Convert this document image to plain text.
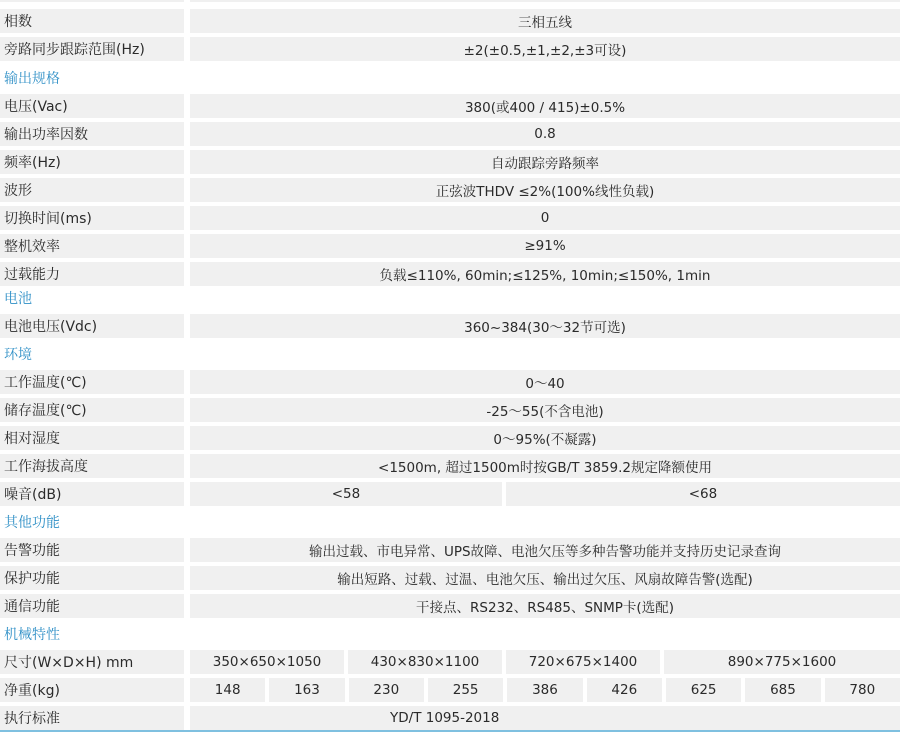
相数	三相五线
旁路同步跟踪范围(Hz)	±2(±0.5,±1,±2,±3可设)
输出规格
电压(Vac)	380(或400 / 415)±0.5%
输出功率因数	0.8
频率(Hz)	自动跟踪旁路频率
波形	正弦波THDV ≤2%(100%线性负载)
切换时间(ms)	0
整机效率	≥91%
过载能力	负载≤110%, 60min;≤125%, 10min;≤150%, 1min
电池
电池电压(Vdc)	360~384(30～32节可选)
环境
工作温度(℃)	0～40
储存温度(℃)	-25～55(不含电池)
相对湿度	0～95%(不凝露)
工作海拔高度	<1500m, 超过1500m时按GB/T 3859.2规定降额使用
噪音(dB)	<58	<68
其他功能
告警功能	输出过载、市电异常、UPS故障、电池欠压等多种告警功能并支持历史记录查询
保护功能	输出短路、过载、过温、电池欠压、输出过欠压、风扇故障告警(选配)
通信功能	干接点、RS232、RS485、SNMP卡(选配)
机械特性
尺寸(W×D×H) mm	350×650×1050	430×830×1100	720×675×1400	890×775×1600
净重(kg)	148	163	230	255	386	426	625	685	780
执行标准	YD/T 1095-2018
